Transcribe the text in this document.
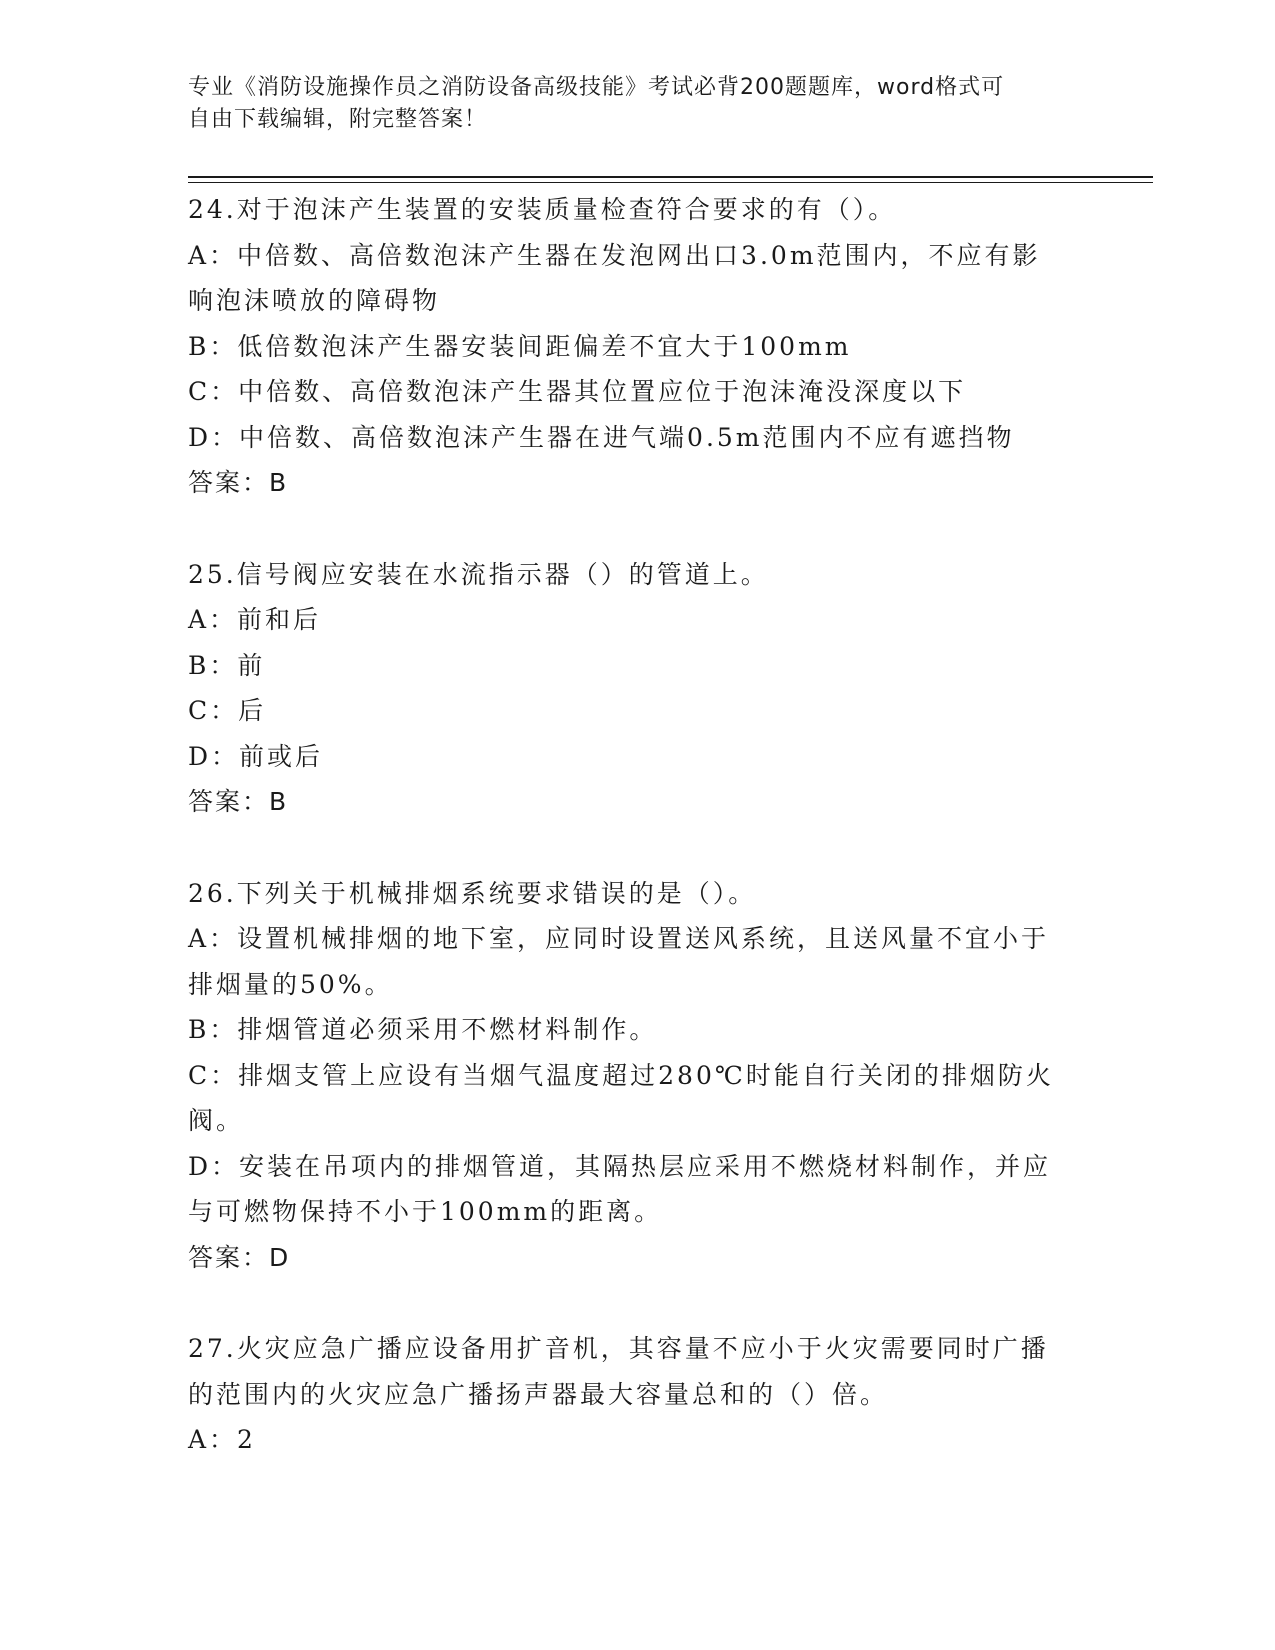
专业《消防设施操作员之消防设备高级技能》考试必背200题题库，word格式可
自由下载编辑，附完整答案！

24.对于泡沫产生装置的安装质量检查符合要求的有（）。

A：中倍数、高倍数泡沫产生器在发泡网出口3.0m范围内，不应有影

响泡沫喷放的障碍物

B：低倍数泡沫产生器安装间距偏差不宜大于100mm

C：中倍数、高倍数泡沫产生器其位置应位于泡沫淹没深度以下

D：中倍数、高倍数泡沫产生器在进气端0.5m范围内不应有遮挡物

答案：B

25.信号阀应安装在水流指示器（）的管道上。

A：前和后

B：前

C：后

D：前或后

答案：B

26.下列关于机械排烟系统要求错误的是（）。

A：设置机械排烟的地下室，应同时设置送风系统，且送风量不宜小于

排烟量的50%。

B：排烟管道必须采用不燃材料制作。

C：排烟支管上应设有当烟气温度超过280℃时能自行关闭的排烟防火

阀。

D：安装在吊项内的排烟管道，其隔热层应采用不燃烧材料制作，并应

与可燃物保持不小于100mm的距离。

答案：D

27.火灾应急广播应设备用扩音机，其容量不应小于火灾需要同时广播

的范围内的火灾应急广播扬声器最大容量总和的（）倍。

A：2
